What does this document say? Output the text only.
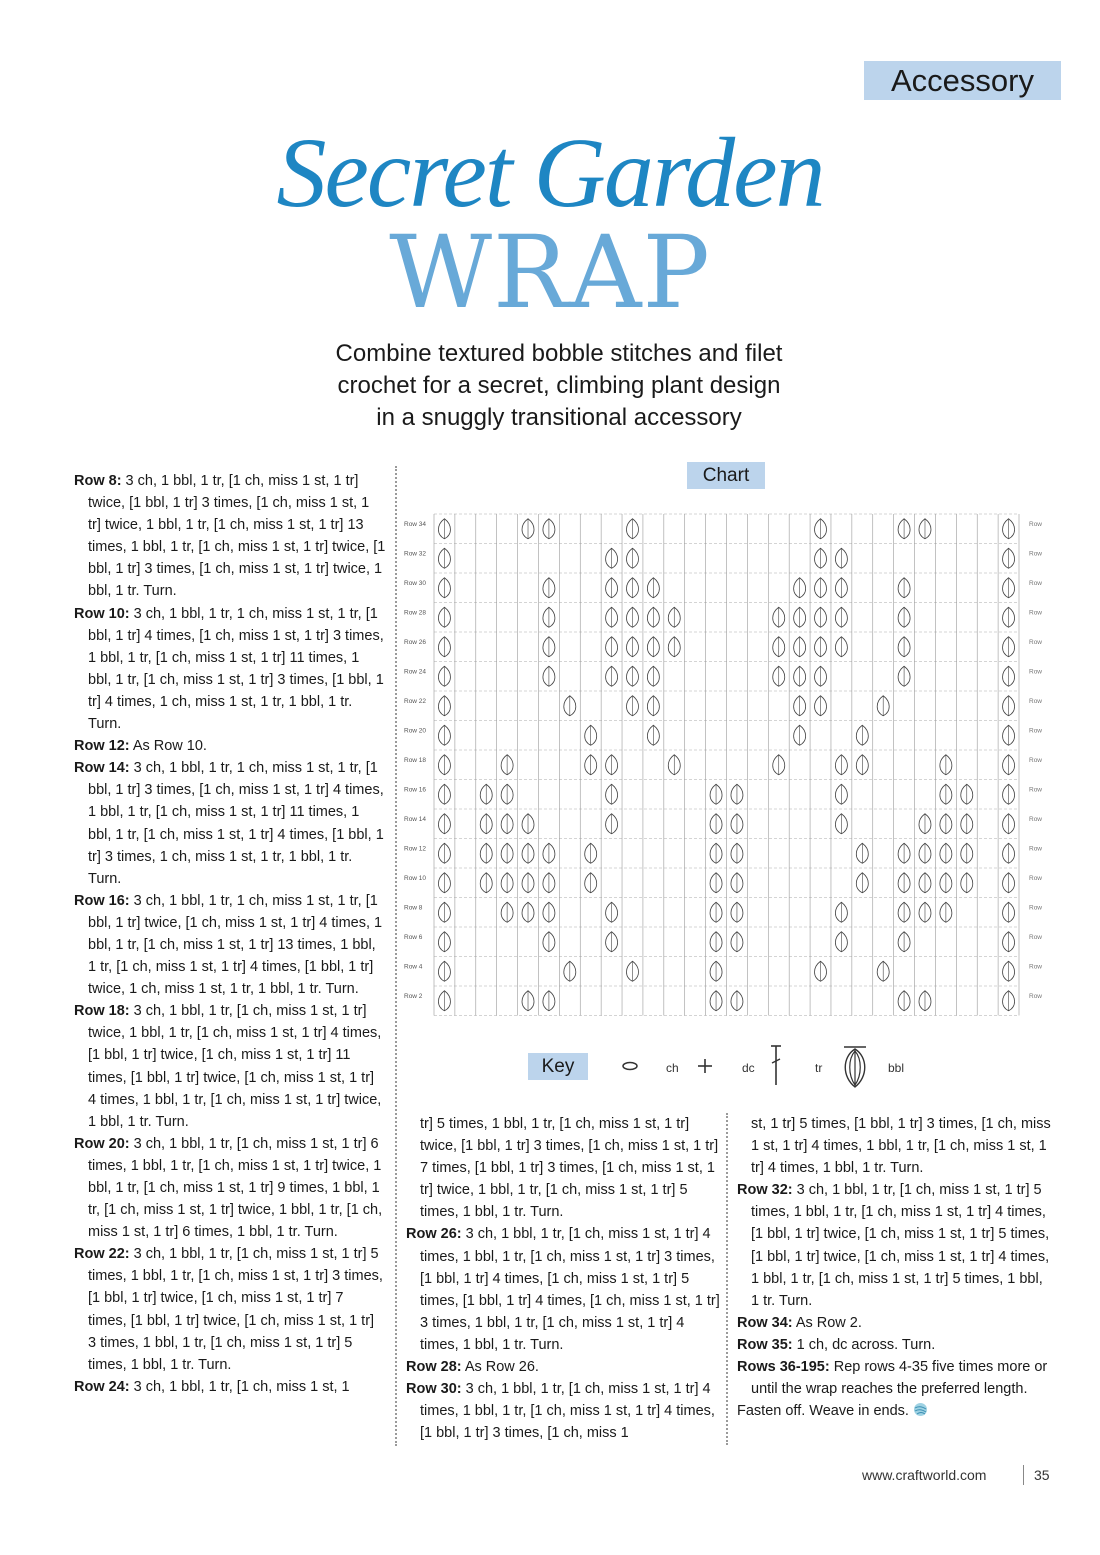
Accessory
Secret Garden
WRAP
Combine textured bobble stitches and filet
crochet for a secret, climbing plant design
in a snuggly transitional accessory
Row 8: 3 ch, 1 bbl, 1 tr, [1 ch, miss 1 st, 1 tr] twice, [1 bbl, 1 tr] 3 times, [1 ch, miss 1 st, 1 tr] twice, 1 bbl, 1 tr, [1 ch, miss 1 st, 1 tr] 13 times, 1 bbl, 1 tr, [1 ch, miss 1 st, 1 tr] twice, [1 bbl, 1 tr] 3 times, [1 ch, miss 1 st, 1 tr] twice, 1 bbl, 1 tr. Turn.
Row 10: 3 ch, 1 bbl, 1 tr, 1 ch, miss 1 st, 1 tr, [1 bbl, 1 tr] 4 times, [1 ch, miss 1 st, 1 tr] 3 times, 1 bbl, 1 tr, [1 ch, miss 1 st, 1 tr] 11 times, 1 bbl, 1 tr, [1 ch, miss 1 st, 1 tr] 3 times, [1 bbl, 1 tr] 4 times, 1 ch, miss 1 st, 1 tr, 1 bbl, 1 tr. Turn.
Row 12: As Row 10.
Row 14: 3 ch, 1 bbl, 1 tr, 1 ch, miss 1 st, 1 tr, [1 bbl, 1 tr] 3 times, [1 ch, miss 1 st, 1 tr] 4 times, 1 bbl, 1 tr, [1 ch, miss 1 st, 1 tr] 11 times, 1 bbl, 1 tr, [1 ch, miss 1 st, 1 tr] 4 times, [1 bbl, 1 tr] 3 times, 1 ch, miss 1 st, 1 tr, 1 bbl, 1 tr. Turn.
Row 16: 3 ch, 1 bbl, 1 tr, 1 ch, miss 1 st, 1 tr, [1 bbl, 1 tr] twice, [1 ch, miss 1 st, 1 tr] 4 times, 1 bbl, 1 tr, [1 ch, miss 1 st, 1 tr] 13 times, 1 bbl, 1 tr, [1 ch, miss 1 st, 1 tr] 4 times, [1 bbl, 1 tr] twice, 1 ch, miss 1 st, 1 tr, 1 bbl, 1 tr. Turn.
Row 18: 3 ch, 1 bbl, 1 tr, [1 ch, miss 1 st, 1 tr] twice, 1 bbl, 1 tr, [1 ch, miss 1 st, 1 tr] 4 times, [1 bbl, 1 tr] twice, [1 ch, miss 1 st, 1 tr] 11 times, [1 bbl, 1 tr] twice, [1 ch, miss 1 st, 1 tr] 4 times, 1 bbl, 1 tr, [1 ch, miss 1 st, 1 tr] twice, 1 bbl, 1 tr. Turn.
Row 20: 3 ch, 1 bbl, 1 tr, [1 ch, miss 1 st, 1 tr] 6 times, 1 bbl, 1 tr, [1 ch, miss 1 st, 1 tr] twice, 1 bbl, 1 tr, [1 ch, miss 1 st, 1 tr] 9 times, 1 bbl, 1 tr, [1 ch, miss 1 st, 1 tr] twice, 1 bbl, 1 tr, [1 ch, miss 1 st, 1 tr] 6 times, 1 bbl, 1 tr. Turn.
Row 22: 3 ch, 1 bbl, 1 tr, [1 ch, miss 1 st, 1 tr] 5 times, 1 bbl, 1 tr, [1 ch, miss 1 st, 1 tr] 3 times, [1 bbl, 1 tr] twice, [1 ch, miss 1 st, 1 tr] 7 times, [1 bbl, 1 tr] twice, [1 ch, miss 1 st, 1 tr] 3 times, 1 bbl, 1 tr, [1 ch, miss 1 st, 1 tr] 5 times, 1 bbl, 1 tr. Turn.
Row 24: 3 ch, 1 bbl, 1 tr, [1 ch, miss 1 st, 1
tr] 5 times, 1 bbl, 1 tr, [1 ch, miss 1 st, 1 tr] twice, [1 bbl, 1 tr] 3 times, [1 ch, miss 1 st, 1 tr] 7 times, [1 bbl, 1 tr] 3 times, [1 ch, miss 1 st, 1 tr] twice, 1 bbl, 1 tr, [1 ch, miss 1 st, 1 tr] 5 times, 1 bbl, 1 tr. Turn.
Row 26: 3 ch, 1 bbl, 1 tr, [1 ch, miss 1 st, 1 tr] 4 times, 1 bbl, 1 tr, [1 ch, miss 1 st, 1 tr] 3 times, [1 bbl, 1 tr] 4 times, [1 ch, miss 1 st, 1 tr] 5 times, [1 bbl, 1 tr] 4 times, [1 ch, miss 1 st, 1 tr] 3 times, 1 bbl, 1 tr, [1 ch, miss 1 st, 1 tr] 4 times, 1 bbl, 1 tr. Turn.
Row 28: As Row 26.
Row 30: 3 ch, 1 bbl, 1 tr, [1 ch, miss 1 st, 1 tr] 4 times, 1 bbl, 1 tr, [1 ch, miss 1 st, 1 tr] 4 times, [1 bbl, 1 tr] 3 times, [1 ch, miss 1
st, 1 tr] 5 times, [1 bbl, 1 tr] 3 times, [1 ch, miss 1 st, 1 tr] 4 times, 1 bbl, 1 tr, [1 ch, miss 1 st, 1 tr] 4 times, 1 bbl, 1 tr. Turn.
Row 32: 3 ch, 1 bbl, 1 tr, [1 ch, miss 1 st, 1 tr] 5 times, 1 bbl, 1 tr, [1 ch, miss 1 st, 1 tr] 4 times, [1 bbl, 1 tr] twice, [1 ch, miss 1 st, 1 tr] 5 times, [1 bbl, 1 tr] twice, [1 ch, miss 1 st, 1 tr] 4 times, 1 bbl, 1 tr, [1 ch, miss 1 st, 1 tr] 5 times, 1 bbl, 1 tr. Turn.
Row 34: As Row 2.
Row 35: 1 ch, dc across. Turn.
Rows 36-195: Rep rows 4-35 five times more or until the wrap reaches the preferred length.
Fasten off. Weave in ends.
Chart
Row 34	Row
Row 32	Row
Row 30	Row
Row 28	Row
Row 26	Row
Row 24	Row
Row 22	Row
Row 20	Row
Row 18	Row
Row 16	Row
Row 14	Row
Row 12	Row
Row 10	Row
Row 8	Row
Row 6	Row
Row 4	Row
Row 2	Row
Key	ch	dc	tr	bbl
www.craftworld.com	35
